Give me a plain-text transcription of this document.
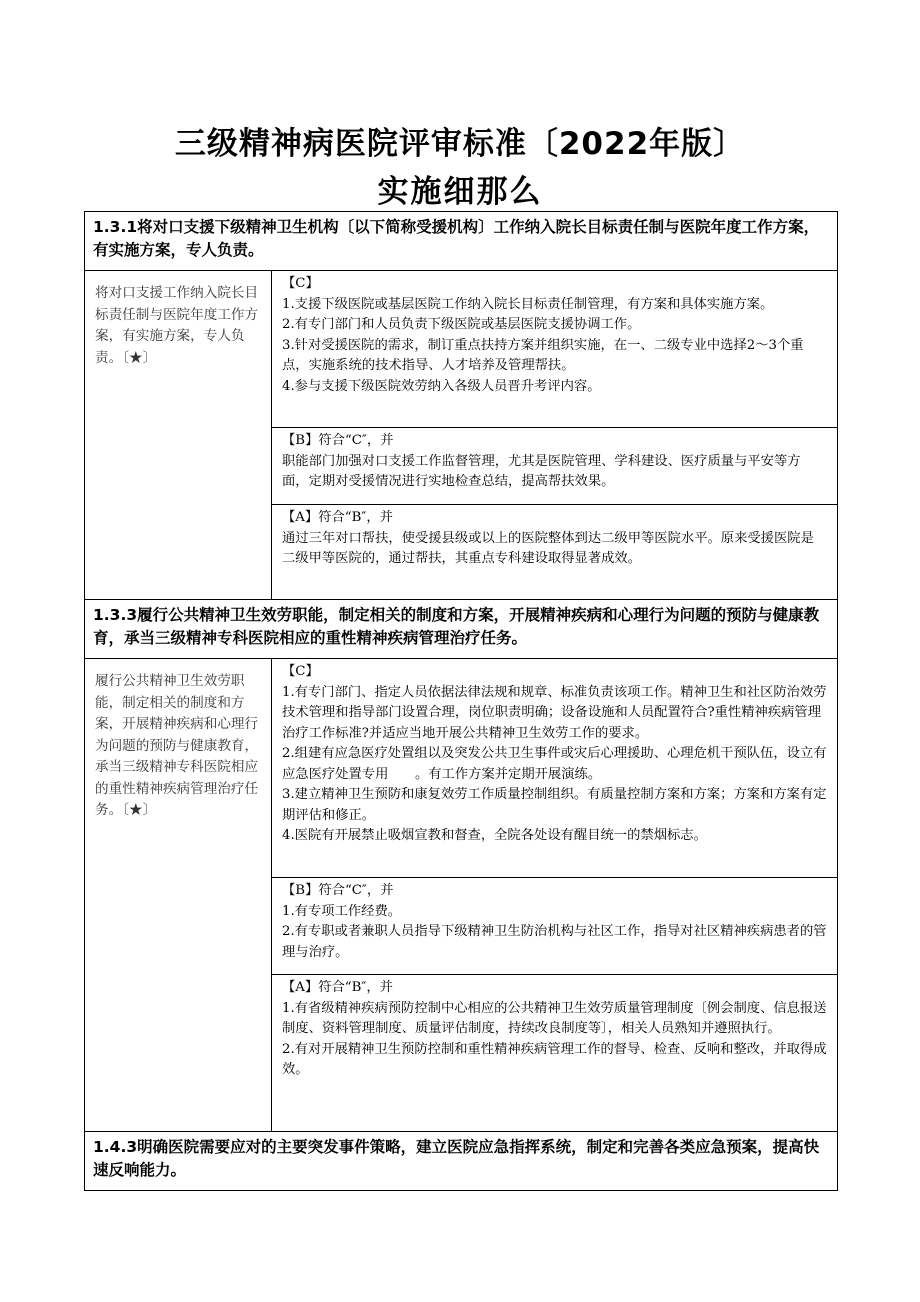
三级精神病医院评审标准〔2022年版〕
实施细那么
1.3.1将对口支援下级精神卫生机构〔以下简称受援机构〕工作纳入院长目标责任制与医院年度工作方案，有实施方案，专人负责。	
将对口支援工作纳入院长目标责任制与医院年度工作方案，有实施方案，专人负责。〔★〕	【C】
1.支援下级医院或基层医院工作纳入院长目标责任制管理，有方案和具体实施方案。
2.有专门部门和人员负责下级医院或基层医院支援协调工作。
3.针对受援医院的需求，制订重点扶持方案并组织实施，在一、二级专业中选择2～3个重点，实施系统的技术指导、人才培养及管理帮扶。
4.参与支援下级医院效劳纳入各级人员晋升考评内容。

	【B】符合“C″，并
职能部门加强对口支援工作监督管理，尤其是医院管理、学科建设、医疗质量与平安等方面，定期对受援情况进行实地检查总结，提高帮扶效果。

	【A】符合“B″，并
通过三年对口帮扶，使受援县级或以上的医院整体到达二级甲等医院水平。原来受援医院是二级甲等医院的，通过帮扶，其重点专科建设取得显著成效。

1.3.3履行公共精神卫生效劳职能，制定相关的制度和方案，开展精神疾病和心理行为问题的预防与健康教育，承当三级精神专科医院相应的重性精神疾病管理治疗任务。	
履行公共精神卫生效劳职能，制定相关的制度和方案，开展精神疾病和心理行为问题的预防与健康教育，承当三级精神专科医院相应的重性精神疾病管理治疗任务。〔★〕	【C】
1.有专门部门、指定人员依据法律法规和规章、标准负责该项工作。精神卫生和社区防治效劳技术管理和指导部门设置合理，岗位职责明确；设备设施和人员配置符合?重性精神疾病管理治疗工作标准?并适应当地开展公共精神卫生效劳工作的要求。
2.组建有应急医疗处置组以及突发公共卫生事件或灾后心理援助、心理危机干预队伍，设立有应急医疗处置专用　　。有工作方案并定期开展演练。
3.建立精神卫生预防和康复效劳工作质量控制组织。有质量控制方案和方案；方案和方案有定期评估和修正。
4.医院有开展禁止吸烟宣教和督查，全院各处设有醒目统一的禁烟标志。

	【B】符合“C″，并
1.有专项工作经费。
2.有专职或者兼职人员指导下级精神卫生防治机构与社区工作，指导对社区精神疾病患者的管理与治疗。

	【A】符合“B″，并
1.有省级精神疾病预防控制中心相应的公共精神卫生效劳质量管理制度〔例会制度、信息报送制度、资料管理制度、质量评估制度，持续改良制度等〕，相关人员熟知并遵照执行。
2.有对开展精神卫生预防控制和重性精神疾病管理工作的督导、检查、反响和整改，并取得成效。

1.4.3明确医院需要应对的主要突发事件策略，建立医院应急指挥系统，制定和完善各类应急预案，提高快速反响能力。	
